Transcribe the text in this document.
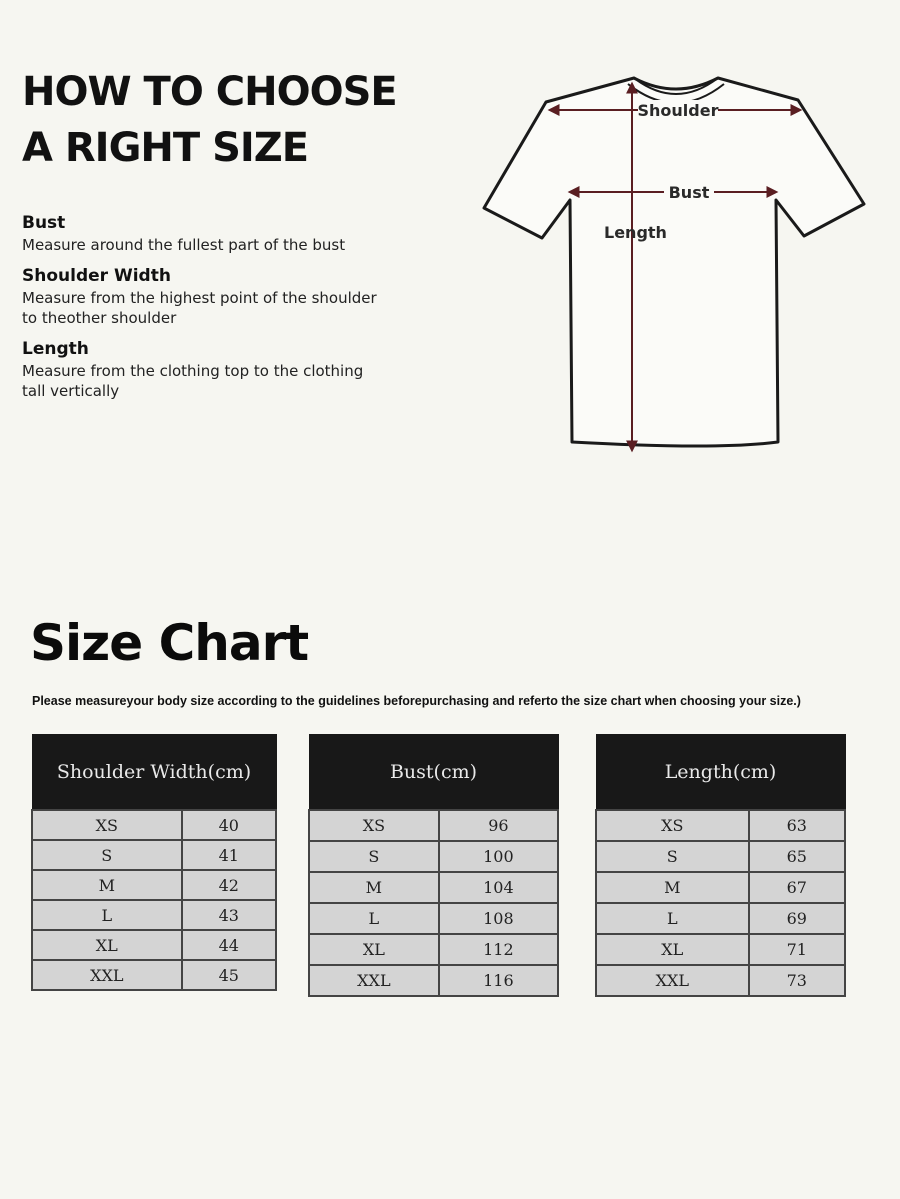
HOW TO CHOOSE
A RIGHT SIZE
Bust
Measure around the fullest part of the bust
Shoulder Width
Measure from the highest point of the shoulder to theother shoulder
Length
Measure from the clothing top to the clothing tall vertically
Shoulder
Bust
Length
Size Chart
Please measureyour body size according to the guidelines beforepurchasing and referto the size chart when choosing your size.)
Shoulder Width(cm)	
XS	40
S	41
M	42
L	43
XL	44
XXL	45
Bust(cm)	
XS	96
S	100
M	104
L	108
XL	112
XXL	116
Length(cm)	
XS	63
S	65
M	67
L	69
XL	71
XXL	73
